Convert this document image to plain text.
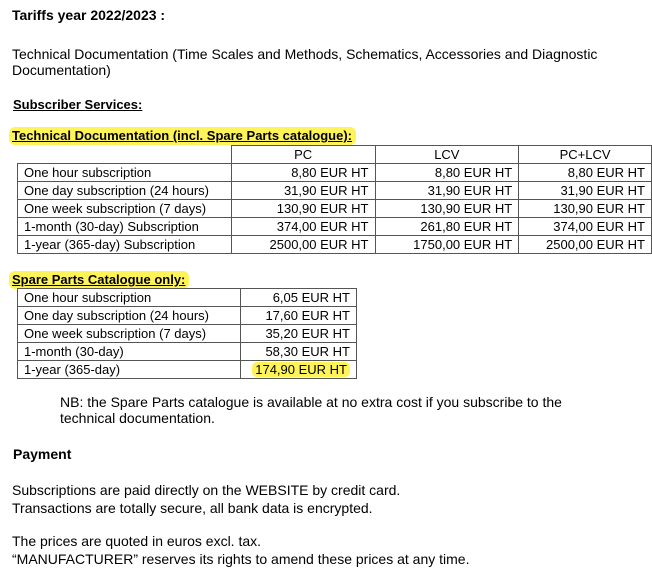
Tariffs year 2022/2023 :
Technical Documentation (Time Scales and Methods, Schematics, Accessories and Diagnostic Documentation)
Subscriber Services:
Technical Documentation (incl. Spare Parts catalogue):
	PC	LCV	PC+LCV
One hour subscription	8,80 EUR HT	8,80 EUR HT	8,80 EUR HT
One day subscription (24 hours)	31,90 EUR HT	31,90 EUR HT	31,90 EUR HT
One week subscription (7 days)	130,90 EUR HT	130,90 EUR HT	130,90 EUR HT
1-month (30-day) Subscription	374,00 EUR HT	261,80 EUR HT	374,00 EUR HT
1-year (365-day) Subscription	2500,00 EUR HT	1750,00 EUR HT	2500,00 EUR HT
Spare Parts Catalogue only:
One hour subscription	6,05 EUR HT
One day subscription (24 hours)	17,60 EUR HT
One week subscription (7 days)	35,20 EUR HT
1-month (30-day)	58,30 EUR HT
1-year (365-day)	174,90 EUR HT
NB: the Spare Parts catalogue is available at no extra cost if you subscribe to the technical documentation.
Payment
Subscriptions are paid directly on the WEBSITE by credit card.
Transactions are totally secure, all bank data is encrypted.
The prices are quoted in euros excl. tax.
“MANUFACTURER” reserves its rights to amend these prices at any time.
